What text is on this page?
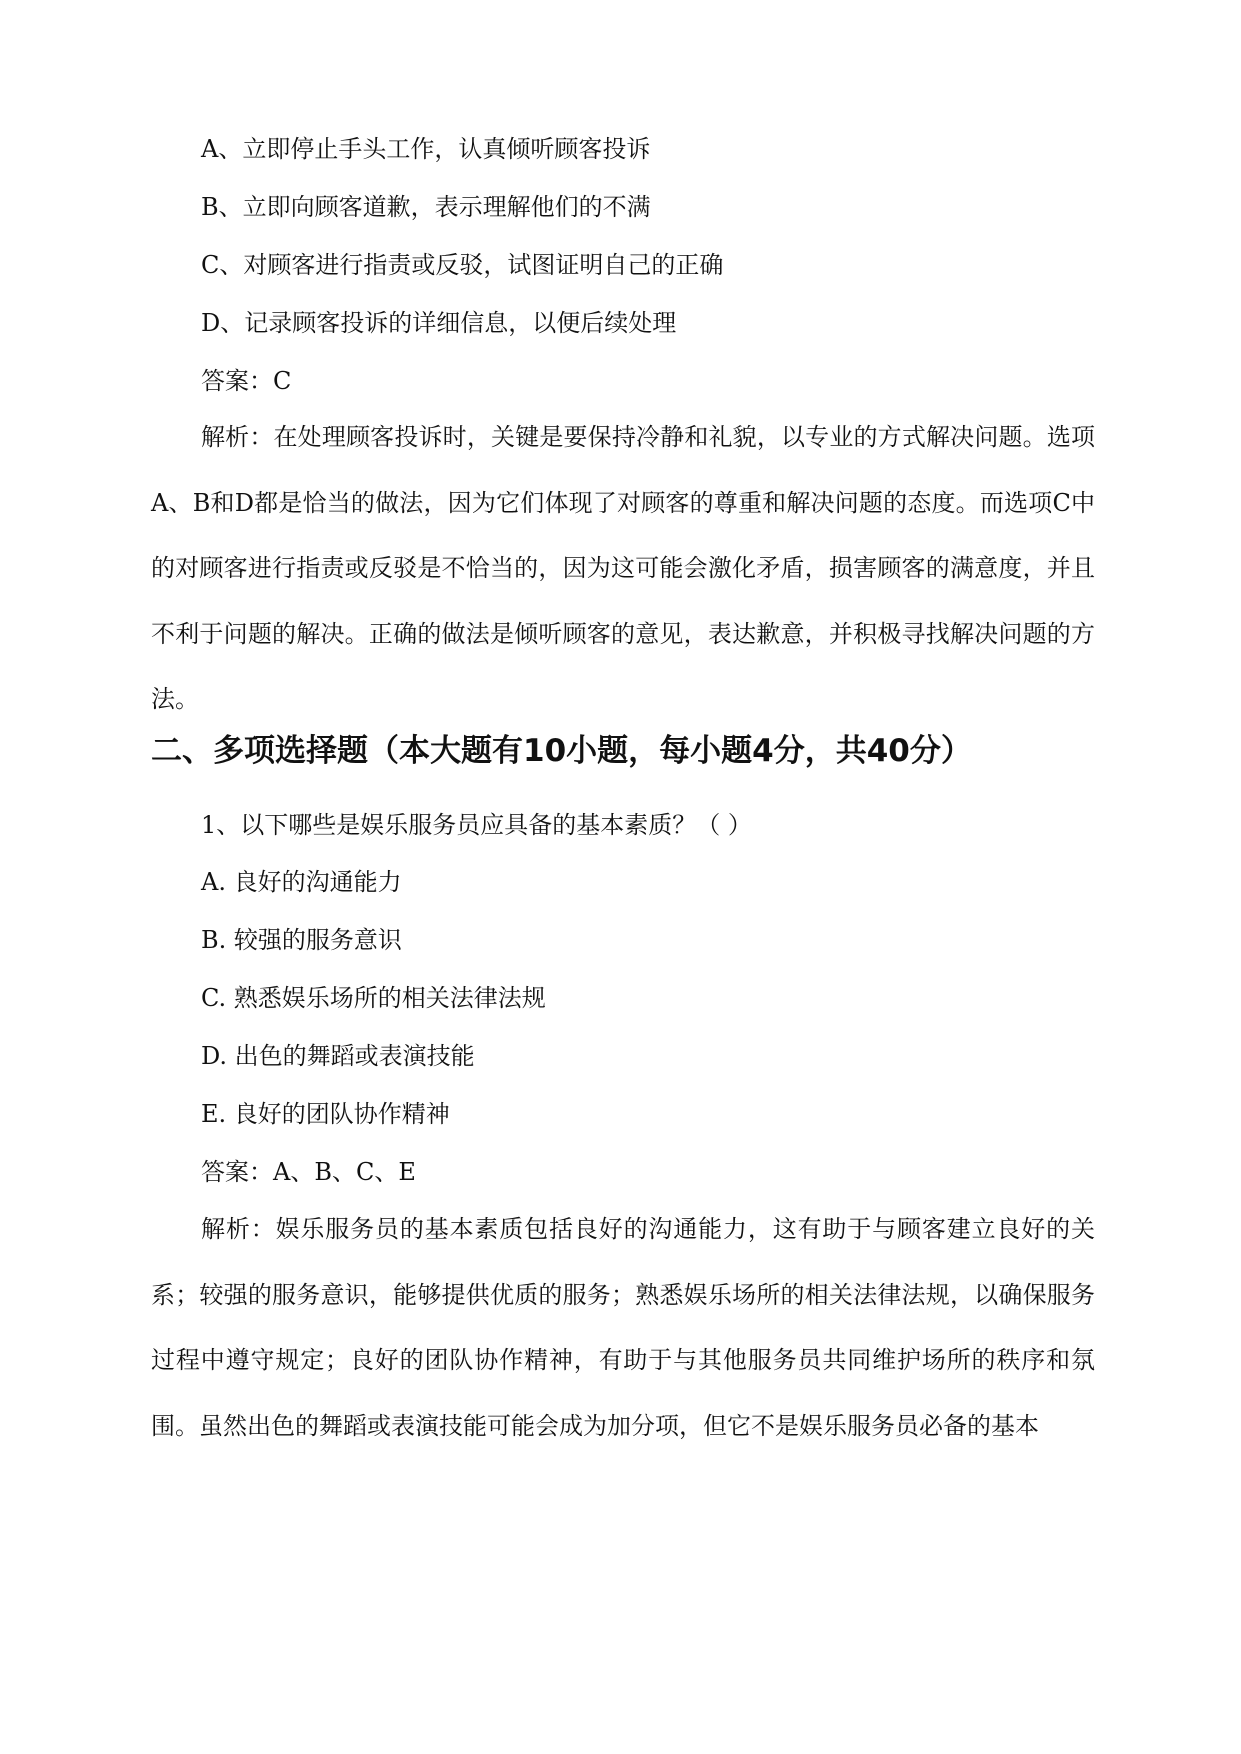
A、立即停止手头工作，认真倾听顾客投诉
B、立即向顾客道歉，表示理解他们的不满
C、对顾客进行指责或反驳，试图证明自己的正确
D、记录顾客投诉的详细信息，以便后续处理
答案：C
解析：在处理顾客投诉时，关键是要保持冷静和礼貌，以专业的方式解决问题。选项A、B和D都是恰当的做法，因为它们体现了对顾客的尊重和解决问题的态度。而选项C中的对顾客进行指责或反驳是不恰当的，因为这可能会激化矛盾，损害顾客的满意度，并且不利于问题的解决。正确的做法是倾听顾客的意见，表达歉意，并积极寻找解决问题的方法。
二、多项选择题（本大题有10小题，每小题4分，共40分）
1、以下哪些是娱乐服务员应具备的基本素质？（ ）
A. 良好的沟通能力
B. 较强的服务意识
C. 熟悉娱乐场所的相关法律法规
D. 出色的舞蹈或表演技能
E. 良好的团队协作精神
答案：A、B、C、E
解析：娱乐服务员的基本素质包括良好的沟通能力，这有助于与顾客建立良好的关系；较强的服务意识，能够提供优质的服务；熟悉娱乐场所的相关法律法规，以确保服务过程中遵守规定；良好的团队协作精神，有助于与其他服务员共同维护场所的秩序和氛围。虽然出色的舞蹈或表演技能可能会成为加分项，但它不是娱乐服务员必备的基本
